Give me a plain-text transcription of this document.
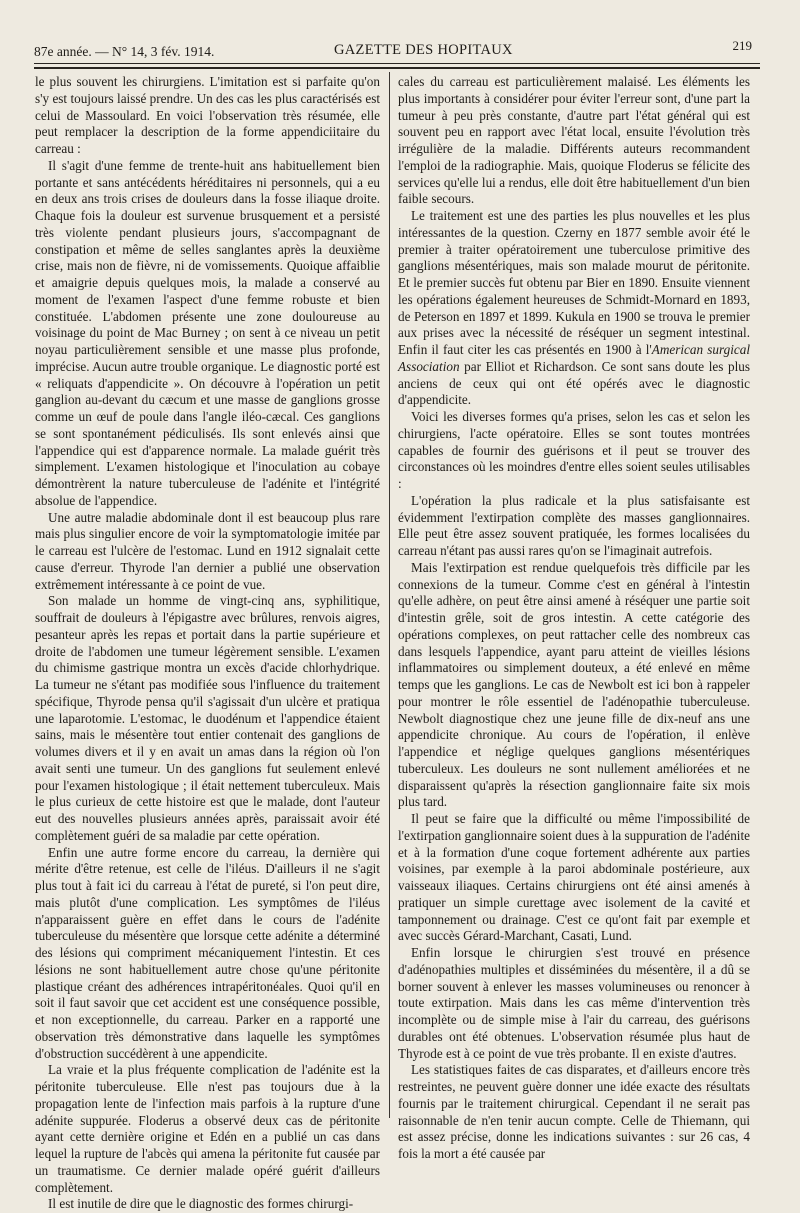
87e année. — N° 14, 3 fév. 1914.	GAZETTE DES HOPITAUX	219

le plus souvent les chirurgiens. L'imitation est si parfaite qu'on s'y est toujours laissé prendre. Un des cas les plus caractérisés est celui de Massoulard. En voici l'observation très résumée, elle peut remplacer la description de la forme appendiciitaire du carreau :

Il s'agit d'une femme de trente-huit ans habituellement bien portante et sans antécédents héréditaires ni personnels, qui a eu en deux ans trois crises de douleurs dans la fosse iliaque droite. Chaque fois la douleur est survenue brusquement et a persisté très violente pendant plusieurs jours, s'accompagnant de constipation et même de selles sanglantes après la deuxième crise, mais non de fièvre, ni de vomissements. Quoique affaiblie et amaigrie depuis quelques mois, la malade a conservé au moment de l'examen l'aspect d'une femme robuste et bien constituée. L'abdomen présente une zone douloureuse au voisinage du point de Mac Burney ; on sent à ce niveau un petit noyau particulièrement sensible et une masse plus profonde, imprécise. Aucun autre trouble organique. Le diagnostic porté est « reliquats d'appendicite ». On découvre à l'opération un petit ganglion au-devant du cæcum et une masse de ganglions grosse comme un œuf de poule dans l'angle iléo-cæcal. Ces ganglions se sont spontanément pédiculisés. Ils sont enlevés ainsi que l'appendice qui est d'apparence normale. La malade guérit très simplement. L'examen histologique et l'inoculation au cobaye démontrèrent la nature tuberculeuse de l'adénite et l'intégrité absolue de l'appendice.

Une autre maladie abdominale dont il est beaucoup plus rare mais plus singulier encore de voir la symptomatologie imitée par le carreau est l'ulcère de l'estomac. Lund en 1912 signalait cette cause d'erreur. Thyrode l'an dernier a publié une observation extrêmement intéressante à ce point de vue.

Son malade un homme de vingt-cinq ans, syphilitique, souffrait de douleurs à l'épigastre avec brûlures, renvois aigres, pesanteur après les repas et portait dans la partie supérieure et droite de l'abdomen une tumeur légèrement sensible. L'examen du chimisme gastrique montra un excès d'acide chlorhydrique. La tumeur ne s'étant pas modifiée sous l'influence du traitement spécifique, Thyrode pensa qu'il s'agissait d'un ulcère et pratiqua une laparotomie. L'estomac, le duodénum et l'appendice étaient sains, mais le mésentère tout entier contenait des ganglions de volumes divers et il y en avait un amas dans la région où l'on avait senti une tumeur. Un des ganglions fut seulement enlevé pour l'examen histologique ; il était nettement tuberculeux. Mais le plus curieux de cette histoire est que le malade, dont l'auteur eut des nouvelles plusieurs années après, paraissait avoir été complètement guéri de sa maladie par cette opération.

Enfin une autre forme encore du carreau, la dernière qui mérite d'être retenue, est celle de l'iléus. D'ailleurs il ne s'agit plus tout à fait ici du carreau à l'état de pureté, si l'on peut dire, mais plutôt d'une complication. Les symptômes de l'iléus n'apparaissent guère en effet dans le cours de l'adénite tuberculeuse du mésentère que lorsque cette adénite a déterminé des lésions qui compriment mécaniquement l'intestin. Et ces lésions ne sont habituellement autre chose qu'une péritonite plastique créant des adhérences intrapéritonéales. Quoi qu'il en soit il faut savoir que cet accident est une conséquence possible, et non exceptionnelle, du carreau. Parker en a rapporté une observation très démonstrative dans laquelle les symptômes d'obstruction succédèrent à une appendicite.

La vraie et la plus fréquente complication de l'adénite est la péritonite tuberculeuse. Elle n'est pas toujours due à la propagation lente de l'infection mais parfois à la rupture d'une adénite suppurée. Floderus a observé deux cas de péritonite ayant cette dernière origine et Edén en a publié un cas dans lequel la rupture de l'abcès qui amena la péritonite fut causée par un traumatisme. Ce dernier malade opéré guérit d'ailleurs complètement.

Il est inutile de dire que le diagnostic des formes chirurgi-

cales du carreau est particulièrement malaisé. Les éléments les plus importants à considérer pour éviter l'erreur sont, d'une part la tumeur à peu près constante, d'autre part l'état général qui est souvent peu en rapport avec l'état local, ensuite l'évolution très irrégulière de la maladie. Différents auteurs recommandent l'emploi de la radiographie. Mais, quoique Floderus se félicite des services qu'elle lui a rendus, elle doit être habituellement d'un bien faible secours.

Le traitement est une des parties les plus nouvelles et les plus intéressantes de la question. Czerny en 1877 semble avoir été le premier à traiter opératoirement une tuberculose primitive des ganglions mésentériques, mais son malade mourut de péritonite. Et le premier succès fut obtenu par Bier en 1890. Ensuite viennent les opérations également heureuses de Schmidt-Mornard en 1893, de Peterson en 1897 et 1899. Kukula en 1900 se trouva le premier aux prises avec la nécessité de réséquer un segment intestinal. Enfin il faut citer les cas présentés en 1900 à l'American surgical Association par Elliot et Richardson. Ce sont sans doute les plus anciens de ceux qui ont été opérés avec le diagnostic d'appendicite.

Voici les diverses formes qu'a prises, selon les cas et selon les chirurgiens, l'acte opératoire. Elles se sont toutes montrées capables de fournir des guérisons et il peut se trouver des circonstances où les moindres d'entre elles soient seules utilisables :

L'opération la plus radicale et la plus satisfaisante est évidemment l'extirpation complète des masses ganglionnaires. Elle peut être assez souvent pratiquée, les formes localisées du carreau n'étant pas aussi rares qu'on se l'imaginait autrefois.

Mais l'extirpation est rendue quelquefois très difficile par les connexions de la tumeur. Comme c'est en général à l'intestin qu'elle adhère, on peut être ainsi amené à réséquer une partie soit d'intestin grêle, soit de gros intestin. A cette catégorie des opérations complexes, on peut rattacher celle des nombreux cas dans lesquels l'appendice, ayant paru atteint de vieilles lésions inflammatoires ou simplement douteux, a été enlevé en même temps que les ganglions. Le cas de Newbolt est ici bon à rappeler pour montrer le rôle essentiel de l'adénopathie tuberculeuse. Newbolt diagnostique chez une jeune fille de dix-neuf ans une appendicite chronique. Au cours de l'opération, il enlève l'appendice et néglige quelques ganglions mésentériques tuberculeux. Les douleurs ne sont nullement améliorées et ne disparaissent qu'après la résection ganglionnaire faite six mois plus tard.

Il peut se faire que la difficulté ou même l'impossibilité de l'extirpation ganglionnaire soient dues à la suppuration de l'adénite et à la formation d'une coque fortement adhérente aux parties voisines, par exemple à la paroi abdominale postérieure, aux vaisseaux iliaques. Certains chirurgiens ont été ainsi amenés à pratiquer un simple curettage avec isolement de la cavité et tamponnement ou drainage. C'est ce qu'ont fait par exemple et avec succès Gérard-Marchant, Casati, Lund.

Enfin lorsque le chirurgien s'est trouvé en présence d'adénopathies multiples et disséminées du mésentère, il a dû se borner souvent à enlever les masses volumineuses ou renoncer à toute extirpation. Mais dans les cas même d'intervention très incomplète ou de simple mise à l'air du carreau, des guérisons durables ont été obtenues. L'observation résumée plus haut de Thyrode est à ce point de vue très probante. Il en existe d'autres.

Les statistiques faites de cas disparates, et d'ailleurs encore très restreintes, ne peuvent guère donner une idée exacte des résultats fournis par le traitement chirurgical. Cependant il ne serait pas raisonnable de n'en tenir aucun compte. Celle de Thiemann, qui est assez précise, donne les indications suivantes : sur 26 cas, 4 fois la mort a été causée par
